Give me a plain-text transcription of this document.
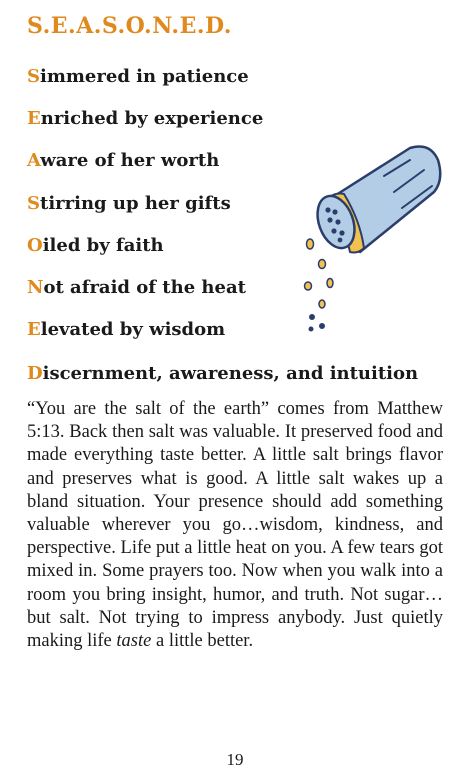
S.E.A.S.O.N.E.D.
Simmered in patience
Enriched by experience
Aware of her worth
Stirring up her gifts
Oiled by faith
Not afraid of the heat
Elevated by wisdom
Discernment, awareness, and intuition
“You are the salt of the earth” comes from Matthew 5:13. Back then salt was valuable. It preserved food and made everything taste better. A little salt brings flavor and preserves what is good. A little salt wakes up a bland situation. Your presence should add something valuable wherever you go…wisdom, kindness, and perspective. Life put a little heat on you. A few tears got mixed in. Some prayers too. Now when you walk into a room you bring insight, humor, and truth. Not sugar…but salt. Not trying to impress anybody. Just quietly making life taste a little better.
19
